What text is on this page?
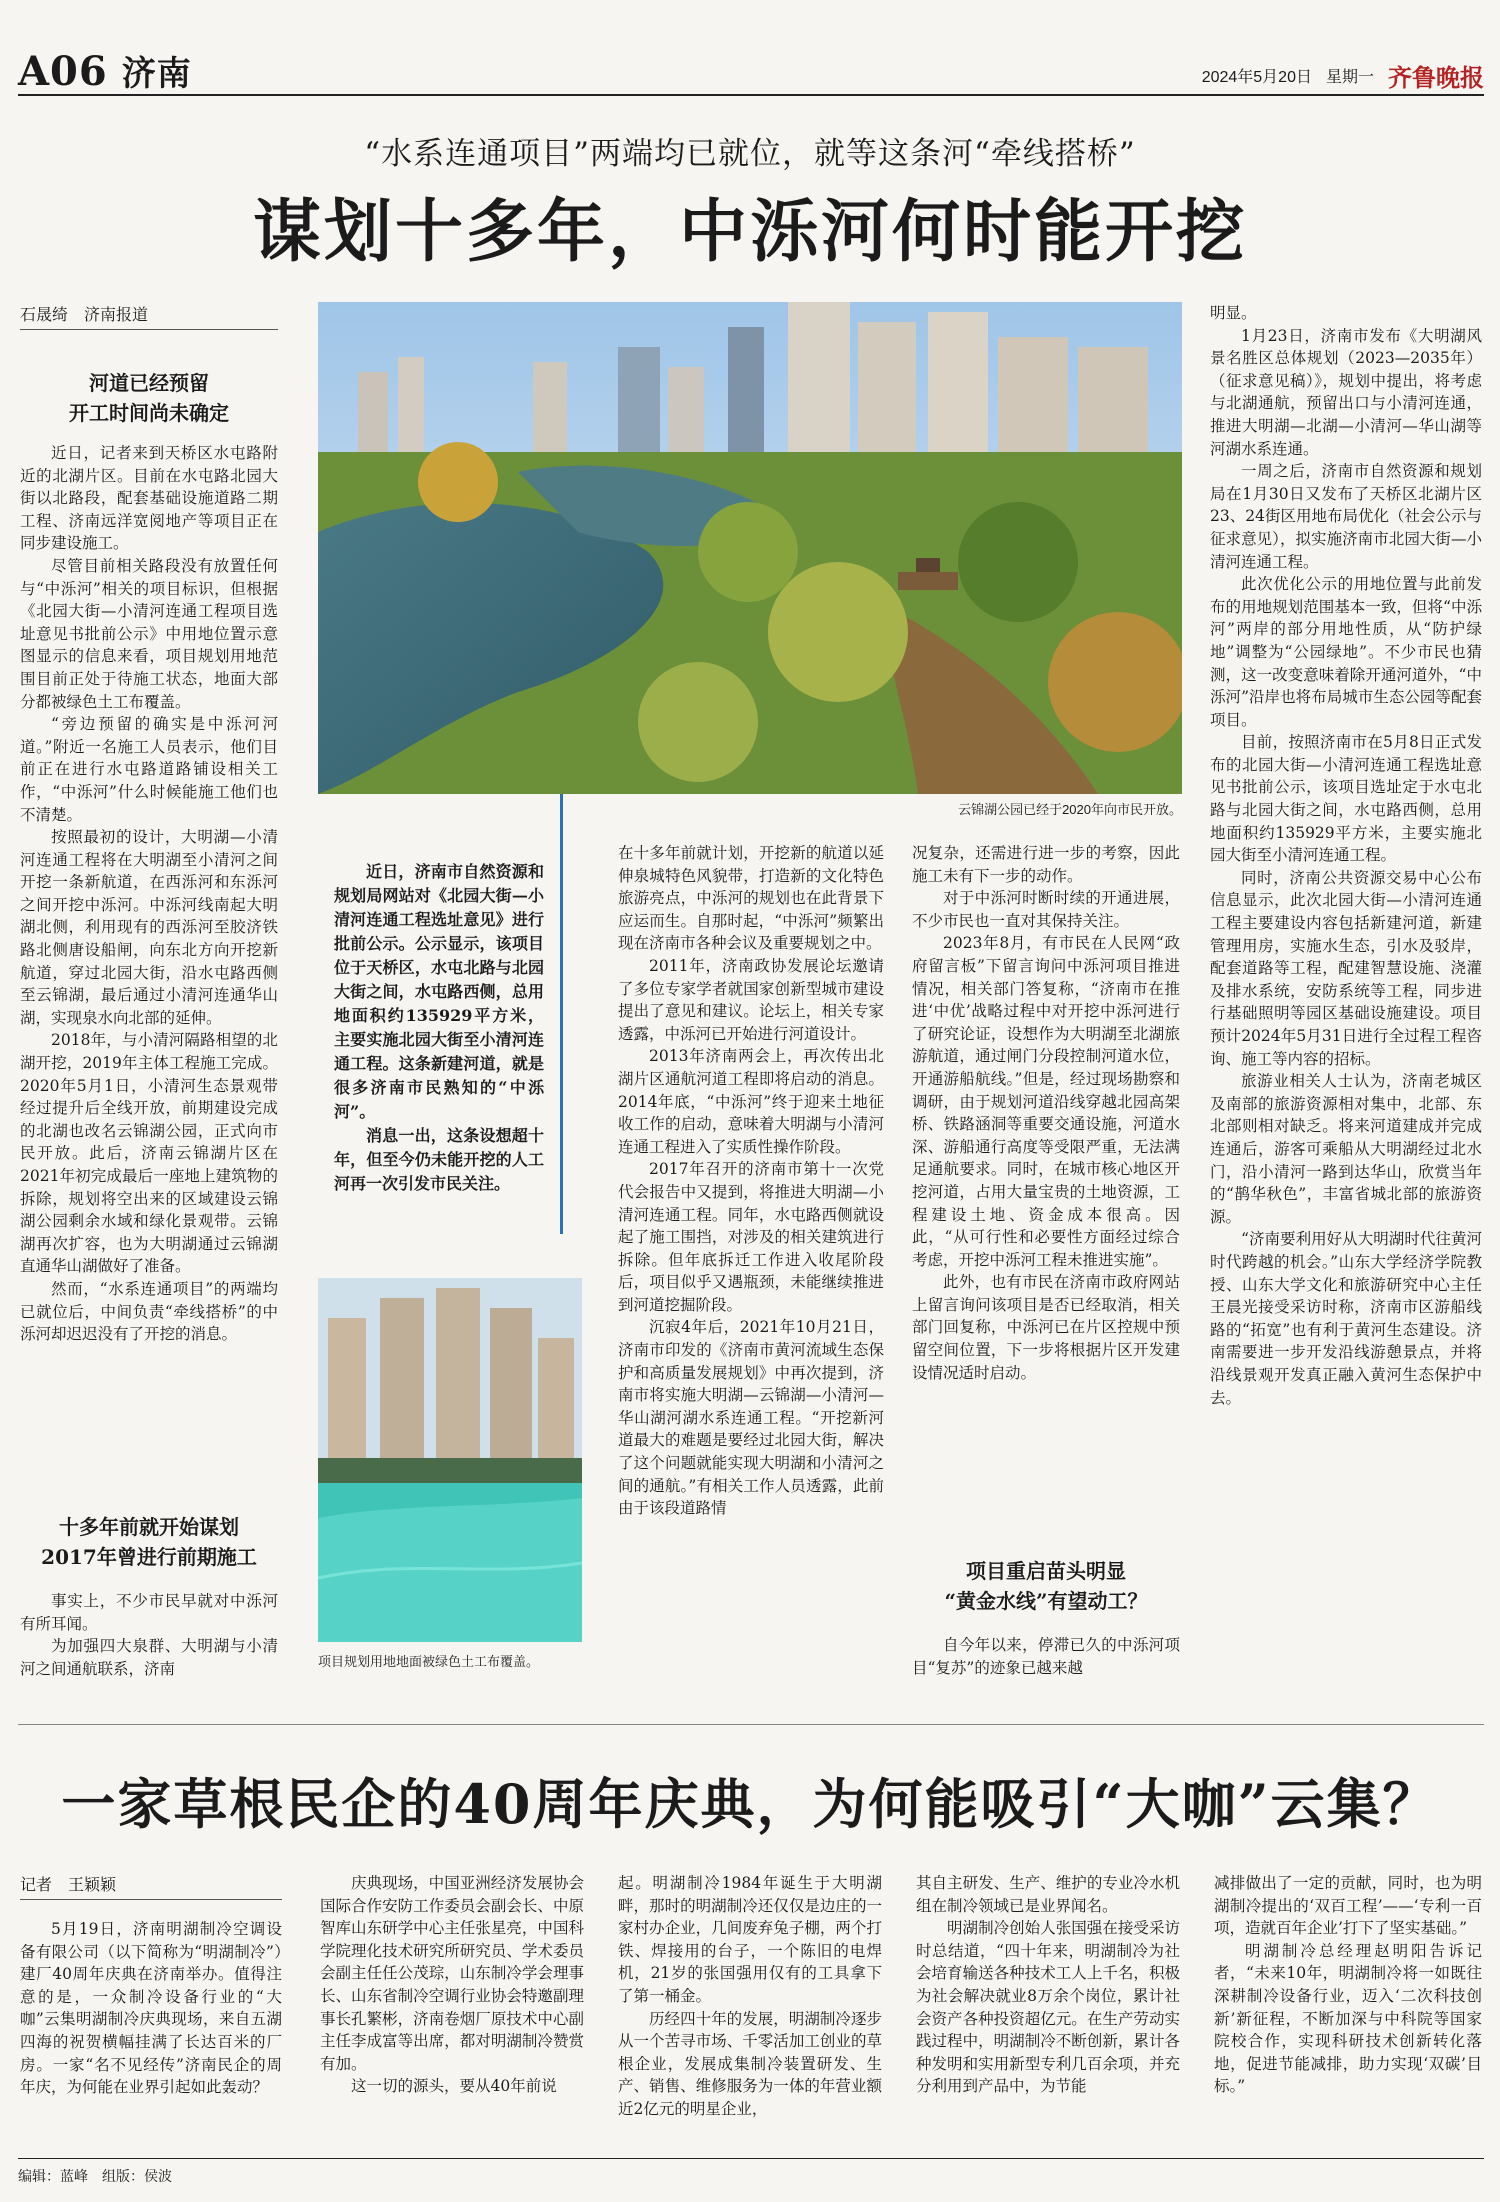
A06 济南	2024年5月20日 星期一 齐鲁晚报
“水系连通项目”两端均已就位，就等这条河“牵线搭桥”
谋划十多年，中泺河何时能开挖
石晟绮　济南报道
河道已经预留
开工时间尚未确定

近日，记者来到天桥区水屯路附近的北湖片区。目前在水屯路北园大街以北路段，配套基础设施道路二期工程、济南远洋宽阅地产等项目正在同步建设施工。

尽管目前相关路段没有放置任何与“中泺河”相关的项目标识，但根据《北园大街—小清河连通工程项目选址意见书批前公示》中用地位置示意图显示的信息来看，项目规划用地范围目前正处于待施工状态，地面大部分都被绿色土工布覆盖。

“旁边预留的确实是中泺河河道。”附近一名施工人员表示，他们目前正在进行水屯路道路铺设相关工作，“中泺河”什么时候能施工他们也不清楚。

按照最初的设计，大明湖—小清河连通工程将在大明湖至小清河之间开挖一条新航道，在西泺河和东泺河之间开挖中泺河。中泺河线南起大明湖北侧，利用现有的西泺河至胶济铁路北侧唐设船闸，向东北方向开挖新航道，穿过北园大街，沿水屯路西侧至云锦湖，最后通过小清河连通华山湖，实现泉水向北部的延伸。

2018年，与小清河隔路相望的北湖开挖，2019年主体工程施工完成。2020年5月1日，小清河生态景观带经过提升后全线开放，前期建设完成的北湖也改名云锦湖公园，正式向市民开放。此后，济南云锦湖片区在2021年初完成最后一座地上建筑物的拆除，规划将空出来的区域建设云锦湖公园剩余水域和绿化景观带。云锦湖再次扩容，也为大明湖通过云锦湖直通华山湖做好了准备。

然而，“水系连通项目”的两端均已就位后，中间负责“牵线搭桥”的中泺河却迟迟没有了开挖的消息。

十多年前就开始谋划
2017年曾进行前期施工

事实上，不少市民早就对中泺河有所耳闻。

为加强四大泉群、大明湖与小清河之间通航联系，济南

云锦湖公园已经于2020年向市民开放。

近日，济南市自然资源和规划局网站对《北园大街—小清河连通工程选址意见》进行批前公示。公示显示，该项目位于天桥区，水屯北路与北园大街之间，水屯路西侧，总用地面积约135929平方米，主要实施北园大街至小清河连通工程。这条新建河道，就是很多济南市民熟知的“中泺河”。

消息一出，这条设想超十年，但至今仍未能开挖的人工河再一次引发市民关注。

项目规划用地地面被绿色土工布覆盖。

在十多年前就计划，开挖新的航道以延伸泉城特色风貌带，打造新的文化特色旅游亮点，中泺河的规划也在此背景下应运而生。自那时起，“中泺河”频繁出现在济南市各种会议及重要规划之中。

2011年，济南政协发展论坛邀请了多位专家学者就国家创新型城市建设提出了意见和建议。论坛上，相关专家透露，中泺河已开始进行河道设计。

2013年济南两会上，再次传出北湖片区通航河道工程即将启动的消息。2014年底，“中泺河”终于迎来土地征收工作的启动，意味着大明湖与小清河连通工程进入了实质性操作阶段。

2017年召开的济南市第十一次党代会报告中又提到，将推进大明湖—小清河连通工程。同年，水屯路西侧就设起了施工围挡，对涉及的相关建筑进行拆除。但年底拆迁工作进入收尾阶段后，项目似乎又遇瓶颈，未能继续推进到河道挖掘阶段。

沉寂4年后，2021年10月21日，济南市印发的《济南市黄河流域生态保护和高质量发展规划》中再次提到，济南市将实施大明湖—云锦湖—小清河—华山湖河湖水系连通工程。“开挖新河道最大的难题是要经过北园大街，解决了这个问题就能实现大明湖和小清河之间的通航。”有相关工作人员透露，此前由于该段道路情

况复杂，还需进行进一步的考察，因此施工未有下一步的动作。

对于中泺河时断时续的开通进展，不少市民也一直对其保持关注。

2023年8月，有市民在人民网“政府留言板”下留言询问中泺河项目推进情况，相关部门答复称，“济南市在推进‘中优’战略过程中对开挖中泺河进行了研究论证，设想作为大明湖至北湖旅游航道，通过闸门分段控制河道水位，开通游船航线。”但是，经过现场勘察和调研，由于规划河道沿线穿越北园高架桥、铁路涵洞等重要交通设施，河道水深、游船通行高度等受限严重，无法满足通航要求。同时，在城市核心地区开挖河道，占用大量宝贵的土地资源，工程建设土地、资金成本很高。因此，“从可行性和必要性方面经过综合考虑，开挖中泺河工程未推进实施”。

此外，也有市民在济南市政府网站上留言询问该项目是否已经取消，相关部门回复称，中泺河已在片区控规中预留空间位置，下一步将根据片区开发建设情况适时启动。

项目重启苗头明显
“黄金水线”有望动工？

自今年以来，停滞已久的中泺河项目“复苏”的迹象已越来越

明显。

1月23日，济南市发布《大明湖风景名胜区总体规划（2023—2035年）（征求意见稿）》，规划中提出，将考虑与北湖通航，预留出口与小清河连通，推进大明湖—北湖—小清河—华山湖等河湖水系连通。

一周之后，济南市自然资源和规划局在1月30日又发布了天桥区北湖片区23、24街区用地布局优化（社会公示与征求意见），拟实施济南市北园大街—小清河连通工程。

此次优化公示的用地位置与此前发布的用地规划范围基本一致，但将“中泺河”两岸的部分用地性质，从“防护绿地”调整为“公园绿地”。不少市民也猜测，这一改变意味着除开通河道外，“中泺河”沿岸也将布局城市生态公园等配套项目。

目前，按照济南市在5月8日正式发布的北园大街—小清河连通工程选址意见书批前公示，该项目选址定于水屯北路与北园大街之间，水屯路西侧，总用地面积约135929平方米，主要实施北园大街至小清河连通工程。

同时，济南公共资源交易中心公布信息显示，此次北园大街—小清河连通工程主要建设内容包括新建河道，新建管理用房，实施水生态，引水及驳岸，配套道路等工程，配建智慧设施、浇灌及排水系统，安防系统等工程，同步进行基础照明等园区基础设施建设。项目预计2024年5月31日进行全过程工程咨询、施工等内容的招标。

旅游业相关人士认为，济南老城区及南部的旅游资源相对集中，北部、东北部则相对缺乏。将来河道建成并完成连通后，游客可乘船从大明湖经过北水门，沿小清河一路到达华山，欣赏当年的“鹊华秋色”，丰富省城北部的旅游资源。

“济南要利用好从大明湖时代往黄河时代跨越的机会。”山东大学经济学院教授、山东大学文化和旅游研究中心主任王晨光接受采访时称，济南市区游船线路的“拓宽”也有利于黄河生态建设。济南需要进一步开发沿线游憩景点，并将沿线景观开发真正融入黄河生态保护中去。

一家草根民企的40周年庆典，为何能吸引“大咖”云集？
记者　王颖颖

5月19日，济南明湖制冷空调设备有限公司（以下简称为“明湖制冷”）建厂40周年庆典在济南举办。值得注意的是，一众制冷设备行业的“大咖”云集明湖制冷庆典现场，来自五湖四海的祝贺横幅挂满了长达百米的厂房。一家“名不见经传”济南民企的周年庆，为何能在业界引起如此轰动？

庆典现场，中国亚洲经济发展协会国际合作安防工作委员会副会长、中原智库山东研学中心主任张星亮，中国科学院理化技术研究所研究员、学术委员会副主任任公茂琮，山东制冷学会理事长、山东省制冷空调行业协会特邀副理事长孔繁彬，济南卷烟厂原技术中心副主任李成富等出席，都对明湖制冷赞赏有加。

这一切的源头，要从40年前说

起。明湖制冷1984年诞生于大明湖畔，那时的明湖制冷还仅仅是边庄的一家村办企业，几间废弃兔子棚，两个打铁、焊接用的台子，一个陈旧的电焊机，21岁的张国强用仅有的工具拿下了第一桶金。

历经四十年的发展，明湖制冷逐步从一个苦寻市场、千零活加工创业的草根企业，发展成集制冷装置研发、生产、销售、维修服务为一体的年营业额近2亿元的明星企业，

其自主研发、生产、维护的专业冷水机组在制冷领域已是业界闻名。

明湖制冷创始人张国强在接受采访时总结道，“四十年来，明湖制冷为社会培育输送各种技术工人上千名，积极为社会解决就业8万余个岗位，累计社会资产各种投资超亿元。在生产劳动实践过程中，明湖制冷不断创新，累计各种发明和实用新型专利几百余项，并充分利用到产品中，为节能

减排做出了一定的贡献，同时，也为明湖制冷提出的‘双百工程’——‘专利一百项，造就百年企业’打下了坚实基础。”

明湖制冷总经理赵明阳告诉记者，“未来10年，明湖制冷将一如既往深耕制冷设备行业，迈入‘二次科技创新’新征程，不断加深与中科院等国家院校合作，实现科研技术创新转化落地，促进节能减排，助力实现‘双碳’目标。”

编辑：蓝峰　组版：侯波
